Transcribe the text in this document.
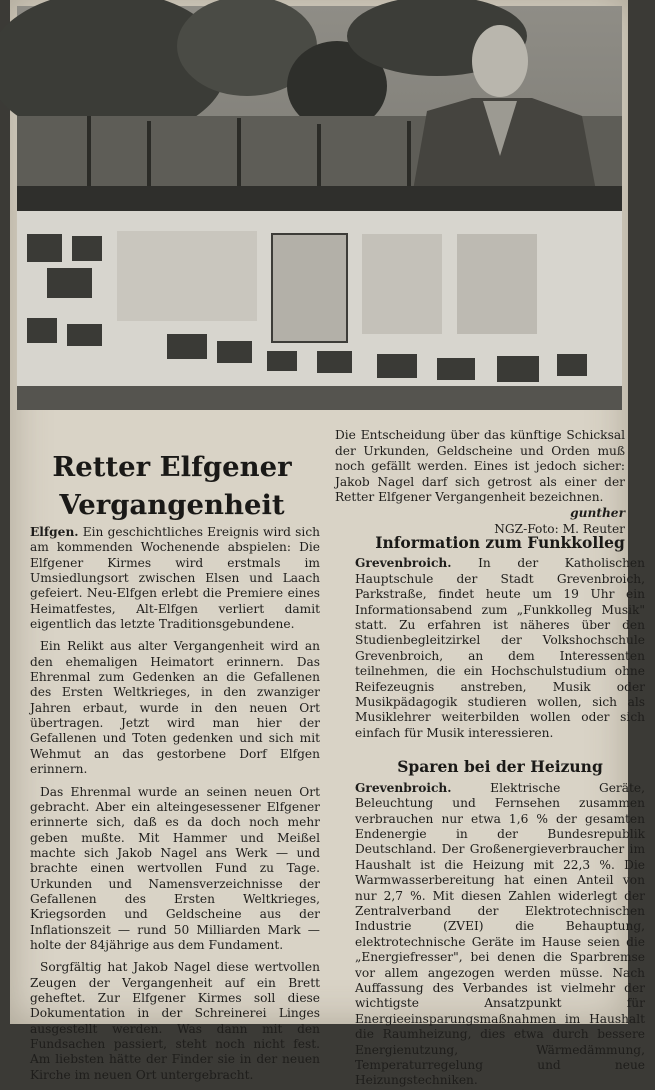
Retter Elfgener
Vergangenheit

Die Entscheidung über das künftige Schicksal der Urkunden, Geldscheine und Orden muß noch gefällt werden. Eines ist jedoch sicher: Jakob Nagel darf sich getrost als einer der Retter Elfgener Vergangenheit bezeichnen.

gunther

NGZ-Foto: M. Reuter

Elfgen. Ein geschichtliches Ereignis wird sich am kommenden Wochenende abspielen: Die Elfgener Kirmes wird erstmals im Umsiedlungsort zwischen Elsen und Laach gefeiert. Neu-Elfgen erlebt die Premiere eines Heimatfestes, Alt-Elfgen verliert damit eigentlich das letzte Traditionsgebundene.

Ein Relikt aus alter Vergangenheit wird an den ehemaligen Heimatort erinnern. Das Ehrenmal zum Gedenken an die Gefallenen des Ersten Weltkrieges, in den zwanziger Jahren erbaut, wurde in den neuen Ort übertragen. Jetzt wird man hier der Gefallenen und Toten gedenken und sich mit Wehmut an das gestorbene Dorf Elfgen erinnern.

Das Ehrenmal wurde an seinen neuen Ort gebracht. Aber ein alteingesessener Elfgener erinnerte sich, daß es da doch noch mehr geben mußte. Mit Hammer und Meißel machte sich Jakob Nagel ans Werk — und brachte einen wertvollen Fund zu Tage. Urkunden und Namensverzeichnisse der Gefallenen des Ersten Weltkrieges, Kriegsorden und Geldscheine aus der Inflationszeit — rund 50 Milliarden Mark — holte der 84jährige aus dem Fundament.

Sorgfältig hat Jakob Nagel diese wertvollen Zeugen der Vergangenheit auf ein Brett geheftet. Zur Elfgener Kirmes soll diese Dokumentation in der Schreinerei Linges ausgestellt werden. Was dann mit den Fundsachen passiert, steht noch nicht fest. Am liebsten hätte der Finder sie in der neuen Kirche im neuen Ort untergebracht.

Information zum Funkkolleg

Grevenbroich. In der Katholischen Hauptschule der Stadt Grevenbroich, Parkstraße, findet heute um 19 Uhr ein Informationsabend zum „Funkkolleg Musik" statt. Zu erfahren ist näheres über den Studienbegleitzirkel der Volkshochschule Grevenbroich, an dem Interessenten teilnehmen, die ein Hochschulstudium ohne Reifezeugnis anstreben, Musik oder Musikpädagogik studieren wollen, sich als Musiklehrer weiterbilden wollen oder sich einfach für Musik interessieren.

Sparen bei der Heizung

Grevenbroich.	Elektrische Geräte, Beleuchtung und Fernsehen zusammen verbrauchen nur etwa 1,6 % der gesamten Endenergie in der Bundesrepublik Deutschland. Der Großenergieverbraucher im Haushalt ist die Heizung mit 22,3 %. Die Warmwasserbereitung hat einen Anteil von nur 2,7 %. Mit diesen Zahlen widerlegt der Zentralverband der Elektrotechnischen Industrie (ZVEI) die Behauptung, elektrotechnische Geräte im Hause seien die „Energiefresser", bei denen die Sparbremse vor allem angezogen werden müsse. Nach Auffassung des Verbandes ist vielmehr der wichtigste Ansatzpunkt für Energieeinsparungsmaßnahmen im Haushalt die Raumheizung, dies etwa durch bessere Energienutzung, Wärmedämmung, Temperaturregelung und neue Heizungstechniken.
